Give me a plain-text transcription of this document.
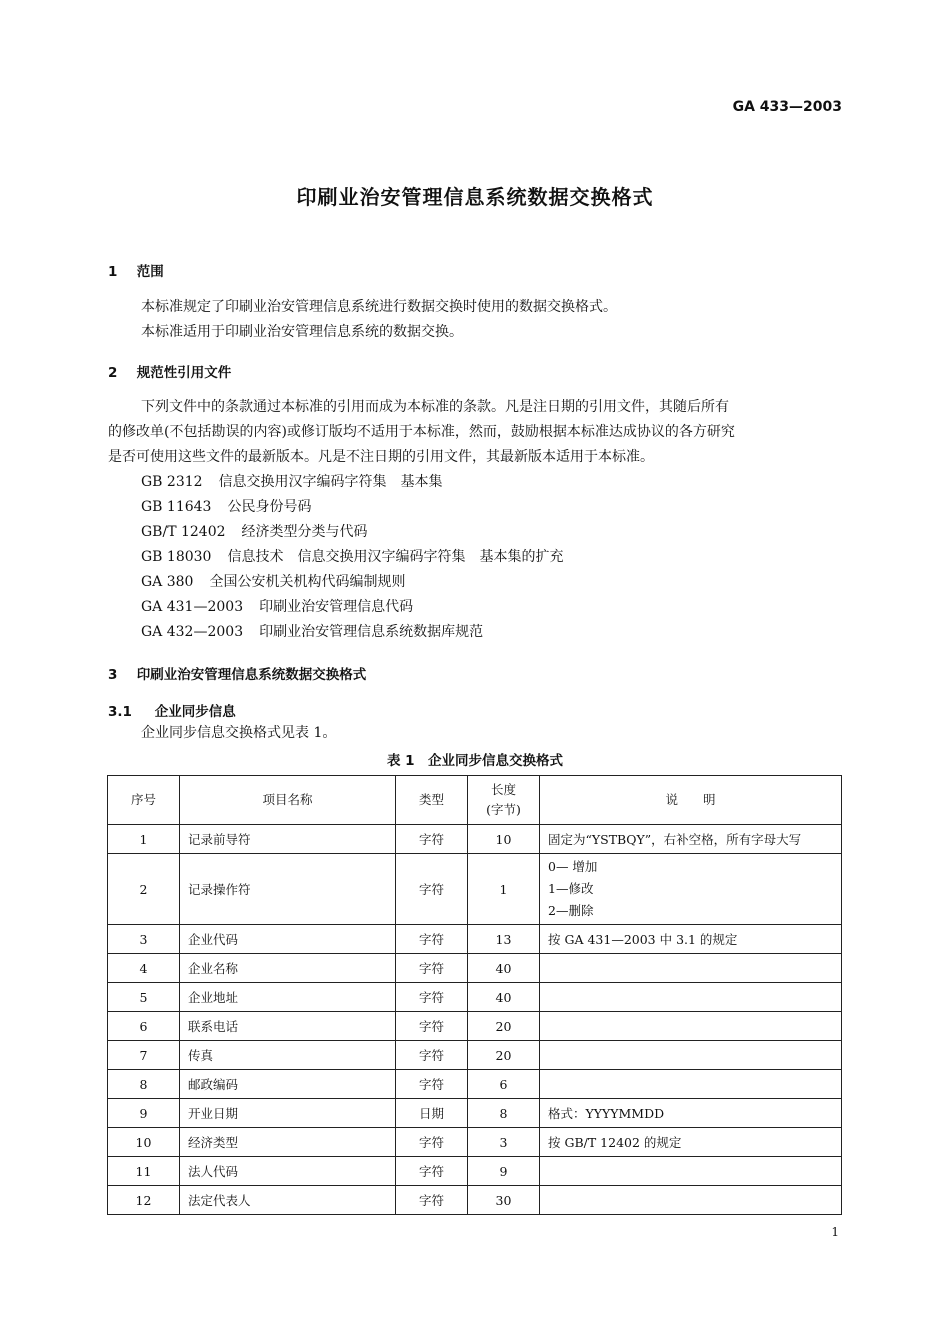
GA 433—2003
印刷业治安管理信息系统数据交换格式
1 范围
本标准规定了印刷业治安管理信息系统进行数据交换时使用的数据交换格式。
本标准适用于印刷业治安管理信息系统的数据交换。
2 规范性引用文件
下列文件中的条款通过本标准的引用而成为本标准的条款。凡是注日期的引用文件，其随后所有
的修改单(不包括勘误的内容)或修订版均不适用于本标准，然而，鼓励根据本标准达成协议的各方研究
是否可使用这些文件的最新版本。凡是不注日期的引用文件，其最新版本适用于本标准。
GB 2312 信息交换用汉字编码字符集　基本集
GB 11643 公民身份号码
GB/T 12402 经济类型分类与代码
GB 18030 信息技术　信息交换用汉字编码字符集　基本集的扩充
GA 380 全国公安机关机构代码编制规则
GA 431—2003 印刷业治安管理信息代码
GA 432—2003 印刷业治安管理信息系统数据库规范
3 印刷业治安管理信息系统数据交换格式
3.1 企业同步信息
企业同步信息交换格式见表 1。
表 1　企业同步信息交换格式
序号	项目名称	类型	长度
(字节)	说　　明
1	记录前导符	字符	10	固定为“YSTBQY”，右补空格，所有字母大写
2	记录操作符	字符	1	0— 增加
1—修改
2—删除

3	企业代码	字符	13	按 GA 431—2003 中 3.1 的规定
4	企业名称	字符	40	
5	企业地址	字符	40	
6	联系电话	字符	20	
7	传真	字符	20	
8	邮政编码	字符	6	
9	开业日期	日期	8	格式：YYYYMMDD
10	经济类型	字符	3	按 GB/T 12402 的规定
11	法人代码	字符	9	
12	法定代表人	字符	30	
1
